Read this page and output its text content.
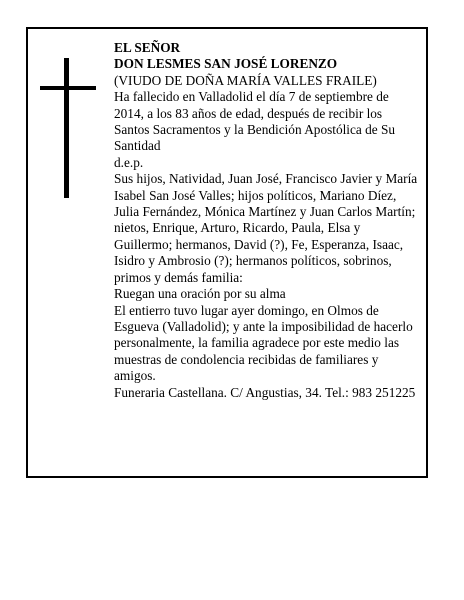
EL SEÑOR

DON LESMES SAN JOSÉ LORENZO

(VIUDO DE DOÑA MARÍA VALLES FRAILE)

Ha fallecido en Valladolid el día 7 de septiembre de 2014, a los 83 años de edad, después de recibir los Santos Sacramentos y la Bendición Apostólica de Su Santidad

d.e.p.

Sus hijos, Natividad, Juan José, Francisco Javier y María Isabel San José Valles; hijos políticos, Mariano Díez, Julia Fernández, Mónica Martínez y Juan Carlos Martín; nietos, Enrique, Arturo, Ricardo, Paula, Elsa y Guillermo; hermanos, David (?), Fe, Esperanza, Isaac, Isidro y Ambrosio (?); hermanos políticos, sobrinos, primos y demás familia:

Ruegan una oración por su alma

El entierro tuvo lugar ayer domingo, en Olmos de Esgueva (Valladolid); y ante la imposibilidad de hacerlo personalmente, la familia agradece por este medio las muestras de condolencia recibidas de familiares y amigos.

Funeraria Castellana. C/ Angustias, 34. Tel.: 983 251225
